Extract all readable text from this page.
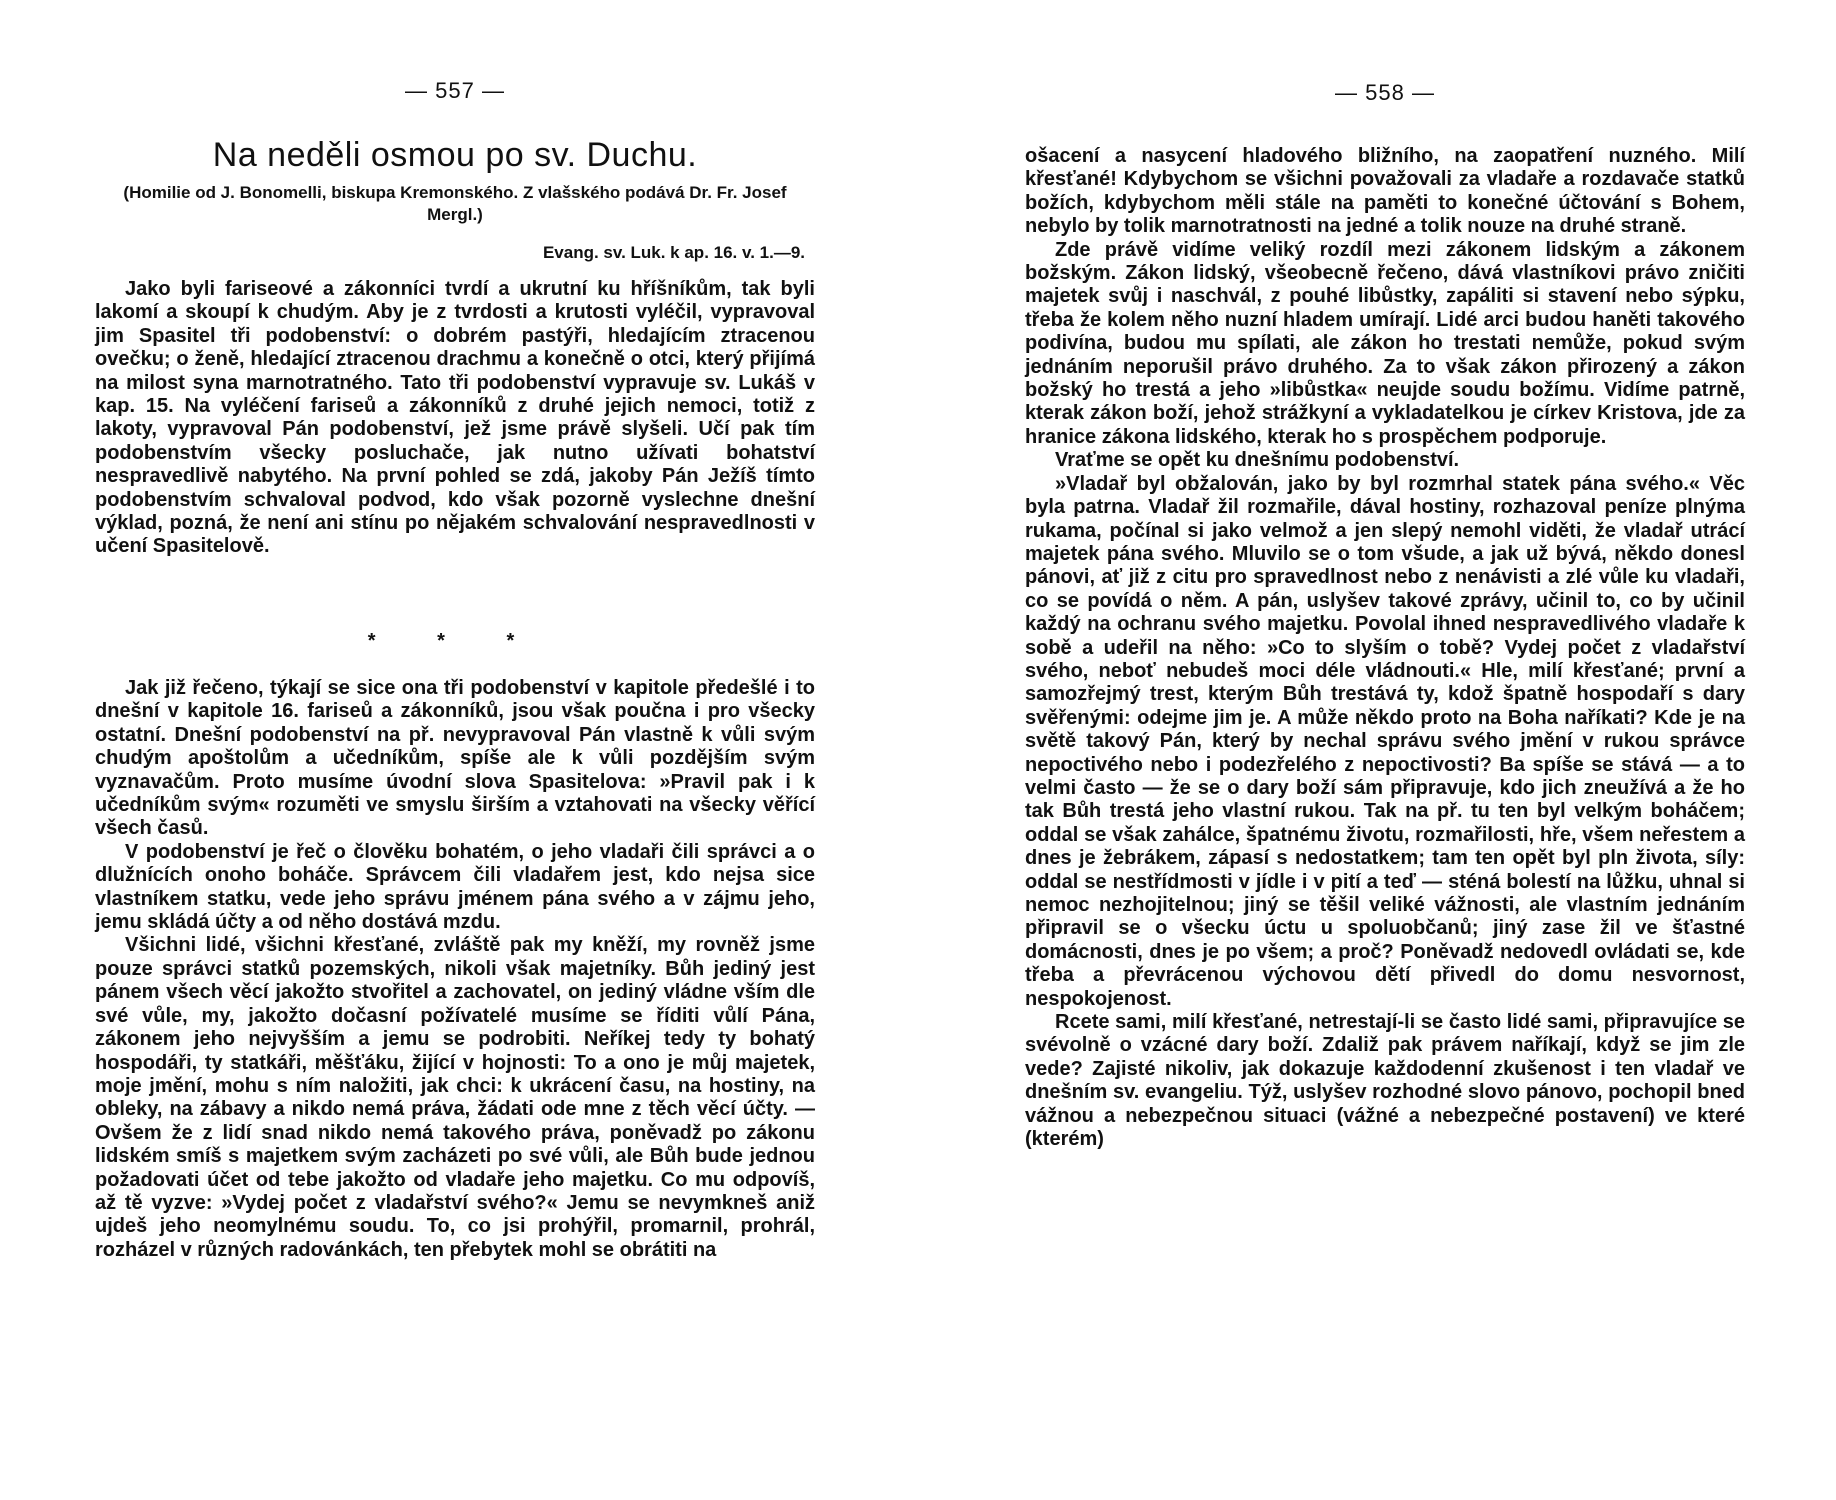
— 557 —
Na neděli osmou po sv. Duchu.
(Homilie od J. Bonomelli, biskupa Kremonského. Z vlašského podává Dr. Fr. Josef Mergl.)
Evang. sv. Luk. k ap. 16. v. 1.—9.

Jako byli fariseové a zákonníci tvrdí a ukrutní ku hříšníkům, tak byli lakomí a skoupí k chudým. Aby je z tvrdosti a krutosti vyléčil, vypravoval jim Spasitel tři podobenství: o dobrém pastýři, hledajícím ztracenou ovečku; o ženě, hledající ztracenou drachmu a konečně o otci, který přijímá na milost syna marnotratného. Tato tři podobenství vypravuje sv. Lukáš v kap. 15. Na vyléčení fariseů a zákonníků z druhé jejich nemoci, totiž z lakoty, vypravoval Pán podobenství, jež jsme právě slyšeli. Učí pak tím podobenstvím všecky posluchače, jak nutno užívati bohatství nespravedlivě nabytého. Na první pohled se zdá, jakoby Pán Ježíš tímto podobenstvím schvaloval podvod, kdo však pozorně vyslechne dnešní výklad, pozná, že není ani stínu po nějakém schvalování nespravedlnosti v učení Spasitelově.

* * *

Jak již řečeno, týkají se sice ona tři podobenství v kapitole předešlé i to dnešní v kapitole 16. fariseů a zákonníků, jsou však poučna i pro všecky ostatní. Dnešní podobenství na př. nevypravoval Pán vlastně k vůli svým chudým apoštolům a učedníkům, spíše ale k vůli pozdějším svým vyznavačům. Proto musíme úvodní slova Spasitelova: »Pravil pak i k učedníkům svým« rozuměti ve smyslu širším a vztahovati na všecky věřící všech časů.

V podobenství je řeč o člověku bohatém, o jeho vladaři čili správci a o dlužnících onoho boháče. Správcem čili vladařem jest, kdo nejsa sice vlastníkem statku, vede jeho správu jménem pána svého a v zájmu jeho, jemu skládá účty a od něho dostává mzdu.

Všichni lidé, všichni křesťané, zvláště pak my kněží, my rovněž jsme pouze správci statků pozemských, nikoli však majetníky. Bůh jediný jest pánem všech věcí jakožto stvořitel a zachovatel, on jediný vládne vším dle své vůle, my, jakožto dočasní požívatelé musíme se říditi vůlí Pána, zákonem jeho nejvyšším a jemu se podrobiti. Neříkej tedy ty bohatý hospodáři, ty statkáři, měšťáku, žijící v hojnosti: To a ono je můj majetek, moje jmění, mohu s ním naložiti, jak chci: k ukrácení času, na hostiny, na obleky, na zábavy a nikdo nemá práva, žádati ode mne z těch věcí účty. — Ovšem že z lidí snad nikdo nemá takového práva, poněvadž po zákonu lidském smíš s majetkem svým zacházeti po své vůli, ale Bůh bude jednou požadovati účet od tebe jakožto od vladaře jeho majetku. Co mu odpovíš, až tě vyzve: »Vydej počet z vladařství svého?« Jemu se nevymkneš aniž ujdeš jeho neomylnému soudu. To, co jsi prohýřil, promarnil, prohrál, rozházel v různých radovánkách, ten přebytek mohl se obrátiti na

— 558 —

ošacení a nasycení hladového bližního, na zaopatření nuzného. Milí křesťané! Kdybychom se všichni považovali za vladaře a rozdavače statků božích, kdybychom měli stále na paměti to konečné účtování s Bohem, nebylo by tolik marnotratnosti na jedné a tolik nouze na druhé straně.

Zde právě vidíme veliký rozdíl mezi zákonem lidským a zákonem božským. Zákon lidský, všeobecně řečeno, dává vlastníkovi právo zničiti majetek svůj i naschvál, z pouhé libůstky, zapáliti si stavení nebo sýpku, třeba že kolem něho nuzní hladem umírají. Lidé arci budou haněti takového podivína, budou mu spílati, ale zákon ho trestati nemůže, pokud svým jednáním neporušil právo druhého. Za to však zákon přirozený a zákon božský ho trestá a jeho »libůstka« neujde soudu božímu. Vidíme patrně, kterak zákon boží, jehož strážkyní a vykladatelkou je církev Kristova, jde za hranice zákona lidského, kterak ho s prospěchem podporuje.

Vraťme se opět ku dnešnímu podobenství.

»Vladař byl obžalován, jako by byl rozmrhal statek pána svého.« Věc byla patrna. Vladař žil rozmařile, dával hostiny, rozhazoval peníze plnýma rukama, počínal si jako velmož a jen slepý nemohl viděti, že vladař utrácí majetek pána svého. Mluvilo se o tom všude, a jak už bývá, někdo donesl pánovi, ať již z citu pro spravedlnost nebo z nenávisti a zlé vůle ku vladaři, co se povídá o něm. A pán, uslyšev takové zprávy, učinil to, co by učinil každý na ochranu svého majetku. Povolal ihned nespravedlivého vladaře k sobě a udeřil na něho: »Co to slyším o tobě? Vydej počet z vladařství svého, neboť nebudeš moci déle vládnouti.« Hle, milí křesťané; první a samozřejmý trest, kterým Bůh trestává ty, kdož špatně hospodaří s dary svěřenými: odejme jim je. A může někdo proto na Boha naříkati? Kde je na světě takový Pán, který by nechal správu svého jmění v rukou správce nepoctivého nebo i podezřelého z nepoctivosti? Ba spíše se stává — a to velmi často — že se o dary boží sám připravuje, kdo jich zneužívá a že ho tak Bůh trestá jeho vlastní rukou. Tak na př. tu ten byl velkým boháčem; oddal se však zahálce, špatnému životu, rozmařilosti, hře, všem neřestem a dnes je žebrákem, zápasí s nedostatkem; tam ten opět byl pln života, síly: oddal se nestřídmosti v jídle i v pití a teď — sténá bolestí na lůžku, uhnal si nemoc nezhojitelnou; jiný se těšil veliké vážnosti, ale vlastním jednáním připravil se o všecku úctu u spoluobčanů; jiný zase žil ve šťastné domácnosti, dnes je po všem; a proč? Poněvadž nedovedl ovládati se, kde třeba a převrácenou výchovou dětí přivedl do domu nesvornost, nespokojenost.

Rcete sami, milí křesťané, netrestají-li se často lidé sami, připravujíce se svévolně o vzácné dary boží. Zdaliž pak právem naříkají, když se jim zle vede? Zajisté nikoliv, jak dokazuje každodenní zkušenost i ten vladař ve dnešním sv. evangeliu. Týž, uslyšev rozhodné slovo pánovo, pochopil bned vážnou a nebezpečnou situaci (vážné a nebezpečné postavení) ve které (kterém)
